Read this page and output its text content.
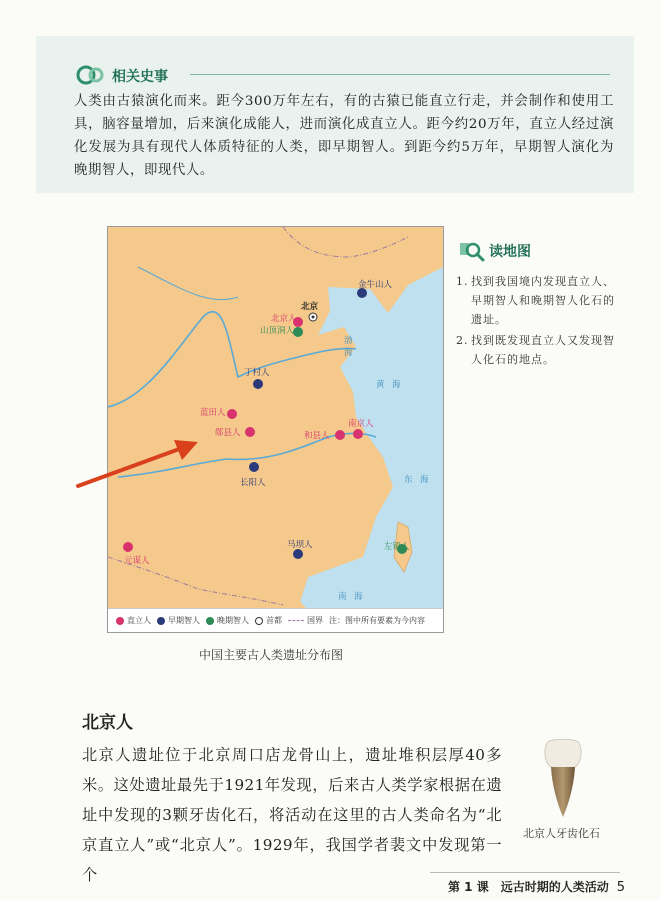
相关史事

人类由古猿演化而来。距今300万年左右，有的古猿已能直立行走，并会制作和使用工具，脑容量增加，后来演化成能人，进而演化成直立人。距今约20万年，直立人经过演化发展为具有现代人体质特征的人类，即早期智人。到距今约5万年，早期智人演化为晚期智人，即现代人。

渤
海
黄 海
东 海
南 海
北京
北京人
山顶洞人
金牛山人
丁村人
蓝田人
郧县人	和县人
南京人
长阳人
马坝人
元谋人
左镇人
直立人	早期智人	晚期智人	首都	国界 注：图中所有要素为今内容
中国主要古人类遗址分布图
读地图
1. 找到我国境内发现直立人、早期智人和晚期智人化石的遗址。
2. 找到既发现直立人又发现智人化石的地点。
北京人

北京人遗址位于北京周口店龙骨山上，遗址堆积层厚40多米。这处遗址最先于1921年发现，后来古人类学家根据在遗址中发现的3颗牙齿化石，将活动在这里的古人类命名为“北京直立人”或“北京人”。1929年，我国学者裴文中发现第一个

北京人牙齿化石
第 1 课　远古时期的人类活动 5
